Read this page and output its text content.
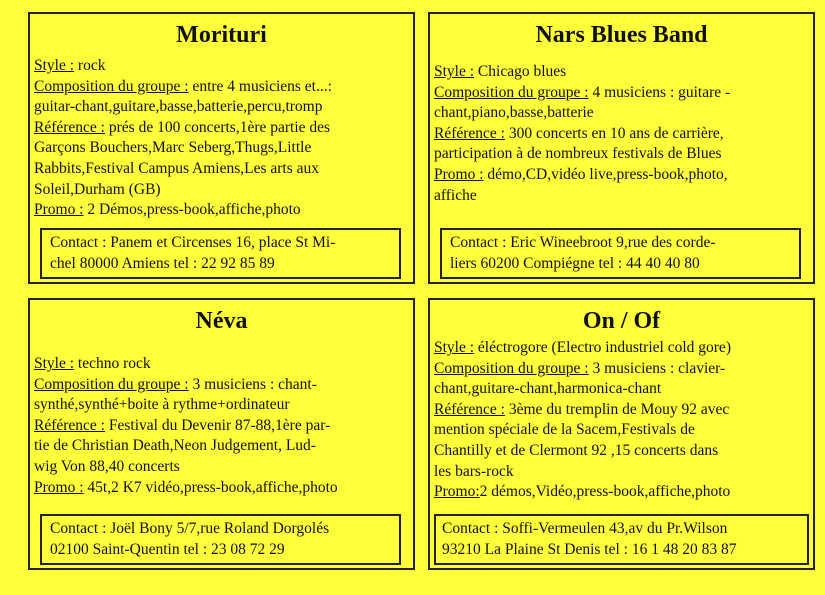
Morituri
Style : rock
Composition du groupe : entre 4 musiciens et...:
guitar-chant,guitare,basse,batterie,percu,tromp
Référence : prés de 100 concerts,1ère partie des
Garçons Bouchers,Marc Seberg,Thugs,Little
Rabbits,Festival Campus Amiens,Les arts aux
Soleil,Durham (GB)
Promo : 2 Démos,press-book,affiche,photo
Contact : Panem et Circenses 16, place St Mi-
chel 80000 Amiens tel : 22 92 85 89
Nars Blues Band
Style : Chicago blues
Composition du groupe : 4 musiciens : guitare -
chant,piano,basse,batterie
Référence : 300 concerts en 10 ans de carrière,
participation à de nombreux festivals de Blues
Promo : démo,CD,vidéo live,press-book,photo,
affiche
Contact : Eric Wineebroot 9,rue des corde-
liers 60200 Compiégne tel : 44 40 40 80
Néva
Style : techno rock
Composition du groupe : 3 musiciens : chant-
synthé,synthé+boite à rythme+ordinateur
Référence : Festival du Devenir 87-88,1ère par-
tie de Christian Death,Neon Judgement, Lud-
wig Von 88,40 concerts
Promo : 45t,2 K7 vidéo,press-book,affiche,photo
Contact : Joël Bony 5/7,rue Roland Dorgolés
02100 Saint-Quentin tel : 23 08 72 29
On / Of
Style : éléctrogore (Electro industriel cold gore)
Composition du groupe : 3 musiciens : clavier-
chant,guitare-chant,harmonica-chant
Référence : 3ème du tremplin de Mouy 92 avec
mention spéciale de la Sacem,Festivals de
Chantilly et de Clermont 92 ,15 concerts dans
les bars-rock
Promo:2 démos,Vidéo,press-book,affiche,photo
Contact : Soffi-Vermeulen 43,av du Pr.Wilson
93210 La Plaine St Denis tel : 16 1 48 20 83 87
